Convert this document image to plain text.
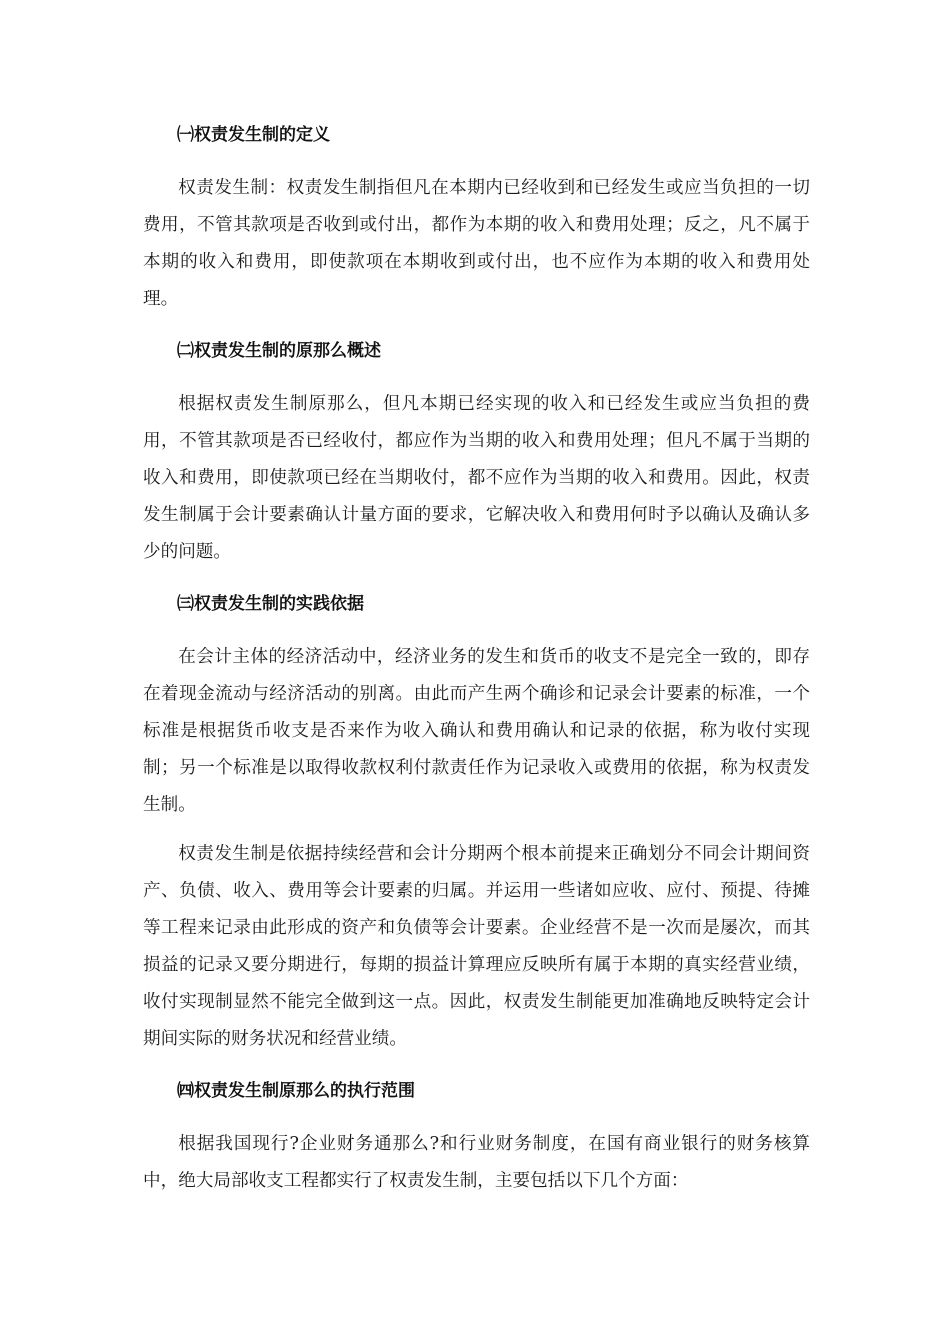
㈠权责发生制的定义

权责发生制：权责发生制指但凡在本期内已经收到和已经发生或应当负担的一切费用，不管其款项是否收到或付出，都作为本期的收入和费用处理；反之，凡不属于本期的收入和费用，即使款项在本期收到或付出，也不应作为本期的收入和费用处理。

㈡权责发生制的原那么概述

根据权责发生制原那么，但凡本期已经实现的收入和已经发生或应当负担的费用，不管其款项是否已经收付，都应作为当期的收入和费用处理；但凡不属于当期的收入和费用，即使款项已经在当期收付，都不应作为当期的收入和费用。因此，权责发生制属于会计要素确认计量方面的要求，它解决收入和费用何时予以确认及确认多少的问题。

㈢权责发生制的实践依据

在会计主体的经济活动中，经济业务的发生和货币的收支不是完全一致的，即存在着现金流动与经济活动的别离。由此而产生两个确诊和记录会计要素的标准，一个标准是根据货币收支是否来作为收入确认和费用确认和记录的依据，称为收付实现制；另一个标准是以取得收款权利付款责任作为记录收入或费用的依据，称为权责发生制。

权责发生制是依据持续经营和会计分期两个根本前提来正确划分不同会计期间资产、负债、收入、费用等会计要素的归属。并运用一些诸如应收、应付、预提、待摊等工程来记录由此形成的资产和负债等会计要素。企业经营不是一次而是屡次，而其损益的记录又要分期进行，每期的损益计算理应反映所有属于本期的真实经营业绩，收付实现制显然不能完全做到这一点。因此，权责发生制能更加准确地反映特定会计期间实际的财务状况和经营业绩。

㈣权责发生制原那么的执行范围

根据我国现行?企业财务通那么?和行业财务制度，在国有商业银行的财务核算中，绝大局部收支工程都实行了权责发生制，主要包括以下几个方面：
